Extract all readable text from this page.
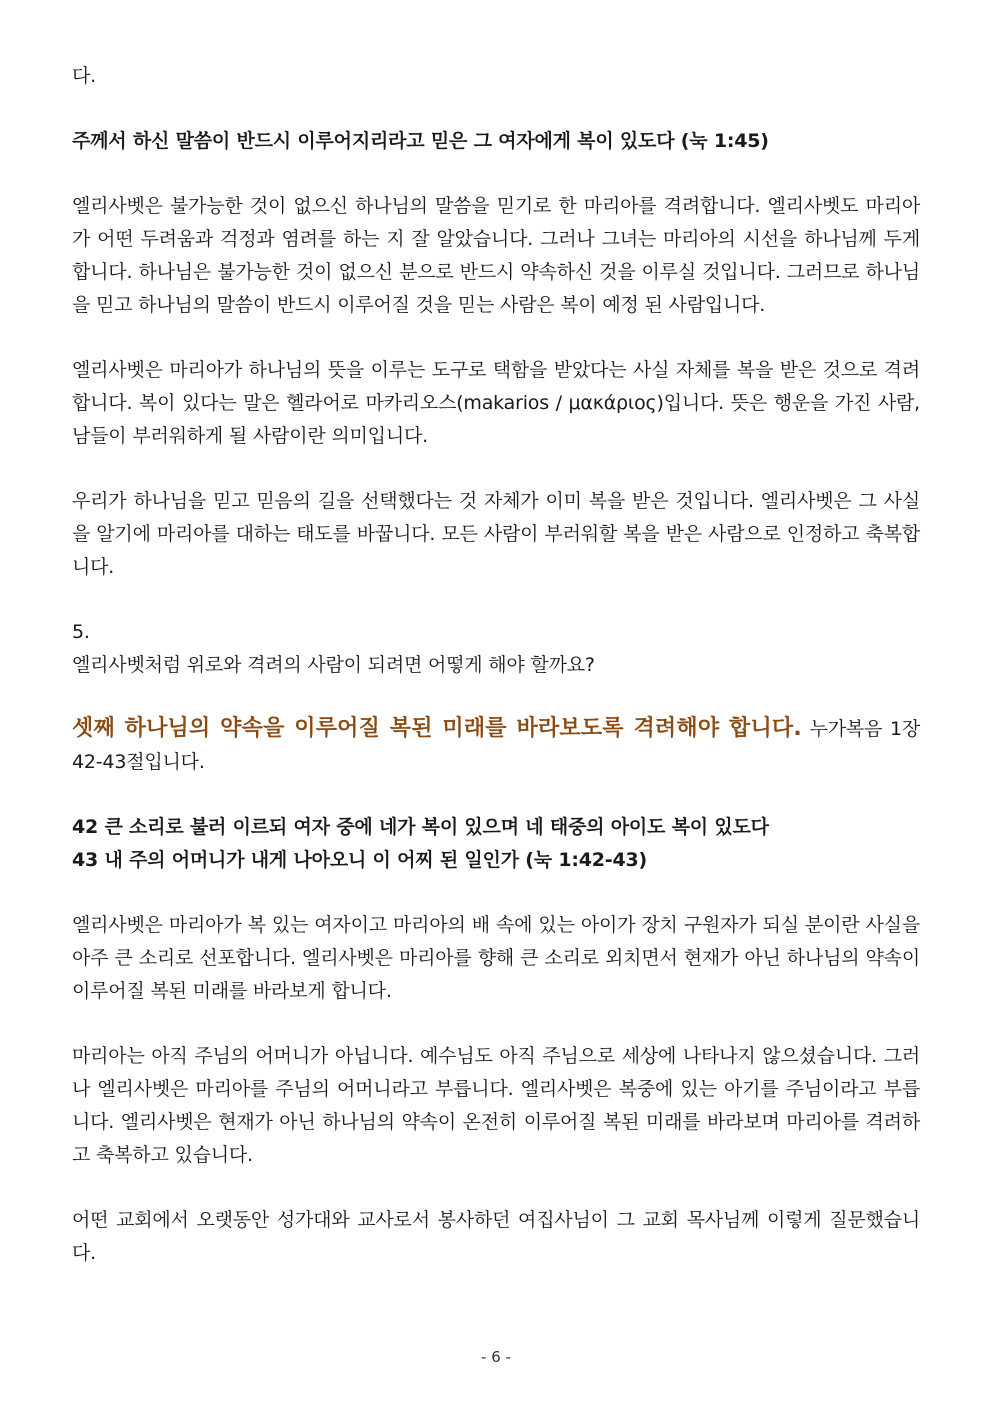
다.

주께서 하신 말씀이 반드시 이루어지리라고 믿은 그 여자에게 복이 있도다 (눅 1:45)

엘리사벳은 불가능한 것이 없으신 하나님의 말씀을 믿기로 한 마리아를 격려합니다. 엘리사벳도 마리아가 어떤 두려움과 걱정과 염려를 하는 지 잘 알았습니다. 그러나 그녀는 마리아의 시선을 하나님께 두게 합니다. 하나님은 불가능한 것이 없으신 분으로 반드시 약속하신 것을 이루실 것입니다. 그러므로 하나님을 믿고 하나님의 말씀이 반드시 이루어질 것을 믿는 사람은 복이 예정 된 사람입니다.

엘리사벳은 마리아가 하나님의 뜻을 이루는 도구로 택함을 받았다는 사실 자체를 복을 받은 것으로 격려합니다. 복이 있다는 말은 헬라어로 마카리오스(makarios / μακάριος)입니다. 뜻은 행운을 가진 사람, 남들이 부러워하게 될 사람이란 의미입니다.

우리가 하나님을 믿고 믿음의 길을 선택했다는 것 자체가 이미 복을 받은 것입니다. 엘리사벳은 그 사실을 알기에 마리아를 대하는 태도를 바꿉니다. 모든 사람이 부러워할 복을 받은 사람으로 인정하고 축복합니다.

5.

엘리사벳처럼 위로와 격려의 사람이 되려면 어떻게 해야 할까요?

셋째 하나님의 약속을 이루어질 복된 미래를 바라보도록 격려해야 합니다. 누가복음 1장 42-43절입니다.

42 큰 소리로 불러 이르되 여자 중에 네가 복이 있으며 네 태중의 아이도 복이 있도다

43 내 주의 어머니가 내게 나아오니 이 어찌 된 일인가 (눅 1:42-43)

엘리사벳은 마리아가 복 있는 여자이고 마리아의 배 속에 있는 아이가 장치 구원자가 되실 분이란 사실을 아주 큰 소리로 선포합니다. 엘리사벳은 마리아를 향해 큰 소리로 외치면서 현재가 아닌 하나님의 약속이 이루어질 복된 미래를 바라보게 합니다.

마리아는 아직 주님의 어머니가 아닙니다. 예수님도 아직 주님으로 세상에 나타나지 않으셨습니다. 그러나 엘리사벳은 마리아를 주님의 어머니라고 부릅니다. 엘리사벳은 복중에 있는 아기를 주님이라고 부릅니다. 엘리사벳은 현재가 아닌 하나님의 약속이 온전히 이루어질 복된 미래를 바라보며 마리아를 격려하고 축복하고 있습니다.

어떤 교회에서 오랫동안 성가대와 교사로서 봉사하던 여집사님이 그 교회 목사님께 이렇게 질문했습니다.

- 6 -
